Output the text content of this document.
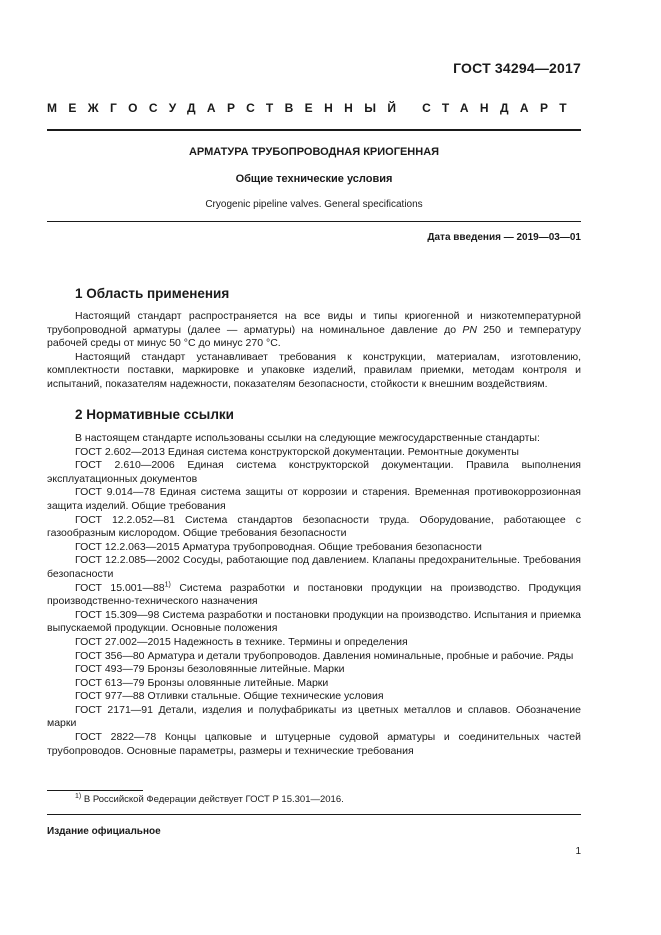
ГОСТ 34294—2017
МЕЖГОСУДАРСТВЕННЫЙ СТАНДАРТ
АРМАТУРА ТРУБОПРОВОДНАЯ КРИОГЕННАЯ
Общие технические условия
Cryogenic pipeline valves. General specifications
Дата введения — 2019—03—01
1 Область применения

Настоящий стандарт распространяется на все виды и типы криогенной и низкотемпературной трубопроводной арматуры (далее — арматуры) на номинальное давление до PN 250 и температуру рабочей среды от минус 50 °С до минус 270 °С.

Настоящий стандарт устанавливает требования к конструкции, материалам, изготовлению, комплектности поставки, маркировке и упаковке изделий, правилам приемки, методам контроля и испытаний, показателям надежности, показателям безопасности, стойкости к внешним воздействиям.

2 Нормативные ссылки

В настоящем стандарте использованы ссылки на следующие межгосударственные стандарты:

ГОСТ 2.602—2013 Единая система конструкторской документации. Ремонтные документы

ГОСТ 2.610—2006 Единая система конструкторской документации. Правила выполнения эксплуатационных документов

ГОСТ 9.014—78 Единая система защиты от коррозии и старения. Временная противокоррозионная защита изделий. Общие требования

ГОСТ 12.2.052—81 Система стандартов безопасности труда. Оборудование, работающее с газообразным кислородом. Общие требования безопасности

ГОСТ 12.2.063—2015 Арматура трубопроводная. Общие требования безопасности

ГОСТ 12.2.085—2002 Сосуды, работающие под давлением. Клапаны предохранительные. Требования безопасности

ГОСТ 15.001—88$^{1)}$ Система разработки и постановки продукции на производство. Продукция производственно-технического назначения

ГОСТ 15.309—98 Система разработки и постановки продукции на производство. Испытания и приемка выпускаемой продукции. Основные положения

ГОСТ 27.002—2015 Надежность в технике. Термины и определения

ГОСТ 356—80 Арматура и детали трубопроводов. Давления номинальные, пробные и рабочие. Ряды

ГОСТ 493—79 Бронзы безоловянные литейные. Марки

ГОСТ 613—79 Бронзы оловянные литейные. Марки

ГОСТ 977—88 Отливки стальные. Общие технические условия

ГОСТ 2171—91 Детали, изделия и полуфабрикаты из цветных металлов и сплавов. Обозначение марки

ГОСТ 2822—78 Концы цапковые и штуцерные судовой арматуры и соединительных частей трубопроводов. Основные параметры, размеры и технические требования

$^{1)}$ В Российской Федерации действует ГОСТ Р 15.301—2016.
Издание официальное
1
